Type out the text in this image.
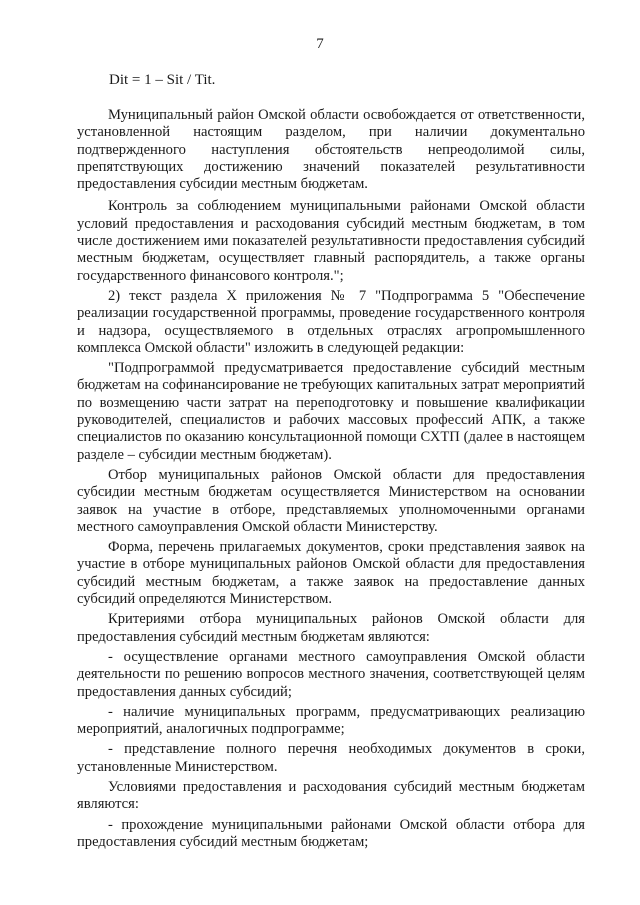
7
Dit = 1 – Sit / Tit.

Муниципальный район Омской области освобождается от ответственности, установленной настоящим разделом, при наличии документально подтвержденного наступления обстоятельств непреодолимой силы, препятствующих достижению значений показателей результативности предоставления субсидии местным бюджетам.

Контроль за соблюдением муниципальными районами Омской области условий предоставления и расходования субсидий местным бюджетам, в том числе достижением ими показателей результативности предоставления субсидий местным бюджетам, осуществляет главный распорядитель, а также органы государственного финансового контроля.";

2) текст раздела X приложения № 7 "Подпрограмма 5 "Обеспечение реализации государственной программы, проведение государственного контроля и надзора, осуществляемого в отдельных отраслях агропромышленного комплекса Омской области" изложить в следующей редакции:

"Подпрограммой предусматривается предоставление субсидий местным бюджетам на софинансирование не требующих капитальных затрат мероприятий по возмещению части затрат на переподготовку и повышение квалификации руководителей, специалистов и рабочих массовых профессий АПК, а также специалистов по оказанию консультационной помощи СХТП (далее в настоящем разделе – субсидии местным бюджетам).

Отбор муниципальных районов Омской области для предоставления субсидии местным бюджетам осуществляется Министерством на основании заявок на участие в отборе, представляемых уполномоченными органами местного самоуправления Омской области Министерству.

Форма, перечень прилагаемых документов, сроки представления заявок на участие в отборе муниципальных районов Омской области для предоставления субсидий местным бюджетам, а также заявок на предоставление данных субсидий определяются Министерством.

Критериями отбора муниципальных районов Омской области для предоставления субсидий местным бюджетам являются:

- осуществление органами местного самоуправления Омской области деятельности по решению вопросов местного значения, соответствующей целям предоставления данных субсидий;

- наличие муниципальных программ, предусматривающих реализацию мероприятий, аналогичных подпрограмме;

- представление полного перечня необходимых документов в сроки, установленные Министерством.

Условиями предоставления и расходования субсидий местным бюджетам являются:

- прохождение муниципальными районами Омской области отбора для предоставления субсидий местным бюджетам;
